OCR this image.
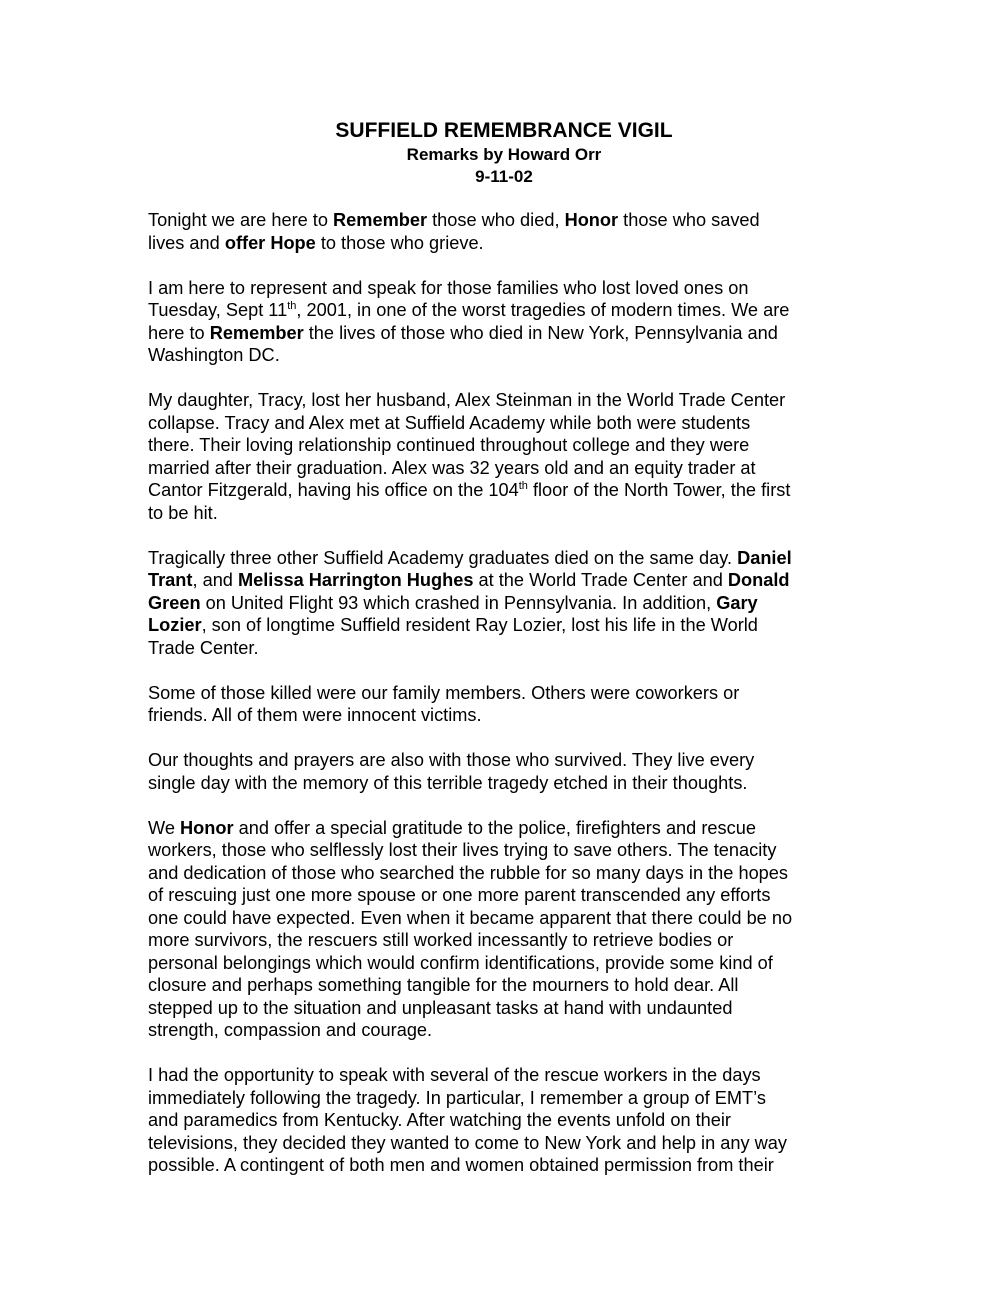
SUFFIELD REMEMBRANCE VIGIL

Remarks by Howard Orr

9-11-02

Tonight we are here to Remember those who died, Honor those who saved
lives and offer Hope to those who grieve.

I am here to represent and speak for those families who lost loved ones on
Tuesday, Sept 11th, 2001, in one of the worst tragedies of modern times. We are
here to Remember the lives of those who died in New York, Pennsylvania and
Washington DC.

My daughter, Tracy, lost her husband, Alex Steinman in the World Trade Center
collapse. Tracy and Alex met at Suffield Academy while both were students
there. Their loving relationship continued throughout college and they were
married after their graduation. Alex was 32 years old and an equity trader at
Cantor Fitzgerald, having his office on the 104th floor of the North Tower, the first
to be hit.

Tragically three other Suffield Academy graduates died on the same day. Daniel
Trant, and Melissa Harrington Hughes at the World Trade Center and Donald
Green on United Flight 93 which crashed in Pennsylvania. In addition, Gary
Lozier, son of longtime Suffield resident Ray Lozier, lost his life in the World
Trade Center.

Some of those killed were our family members. Others were coworkers or
friends. All of them were innocent victims.

Our thoughts and prayers are also with those who survived. They live every
single day with the memory of this terrible tragedy etched in their thoughts.

We Honor and offer a special gratitude to the police, firefighters and rescue
workers, those who selflessly lost their lives trying to save others. The tenacity
and dedication of those who searched the rubble for so many days in the hopes
of rescuing just one more spouse or one more parent transcended any efforts
one could have expected. Even when it became apparent that there could be no
more survivors, the rescuers still worked incessantly to retrieve bodies or
personal belongings which would confirm identifications, provide some kind of
closure and perhaps something tangible for the mourners to hold dear. All
stepped up to the situation and unpleasant tasks at hand with undaunted
strength, compassion and courage.

I had the opportunity to speak with several of the rescue workers in the days
immediately following the tragedy. In particular, I remember a group of EMT’s
and paramedics from Kentucky. After watching the events unfold on their
televisions, they decided they wanted to come to New York and help in any way
possible. A contingent of both men and women obtained permission from their
